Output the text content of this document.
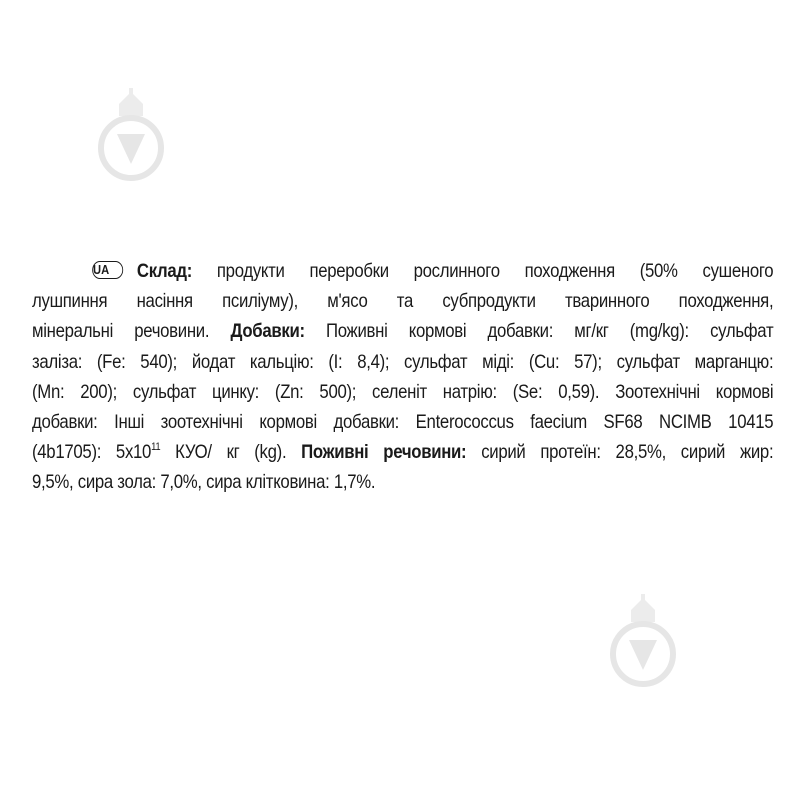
UA	Склад: продукти переробки рослинного походження (50% сушеного
лушпиння насіння псиліуму), м'ясо та субпродукти тваринного походження,
мінеральні речовини. Добавки: Поживні кормові добавки: мг/кг (mg/kg): сульфат
заліза: (Fe: 540); йодат кальцію: (I: 8,4); сульфат міді: (Cu: 57); сульфат марганцю:
(Mn: 200); сульфат цинку: (Zn: 500); селеніт натрію: (Se: 0,59). Зоотехнічні кормові
добавки: Інші зоотехнічні кормові добавки: Enterococcus faecium SF68 NCIMB 10415
(4b1705): $5x10^{11}$ КУО/ кг (kg). Поживні речовини: сирий протеїн: 28,5%, сирий жир:
9,5%, сира зола: 7,0%, сира клітковина: 1,7%.
